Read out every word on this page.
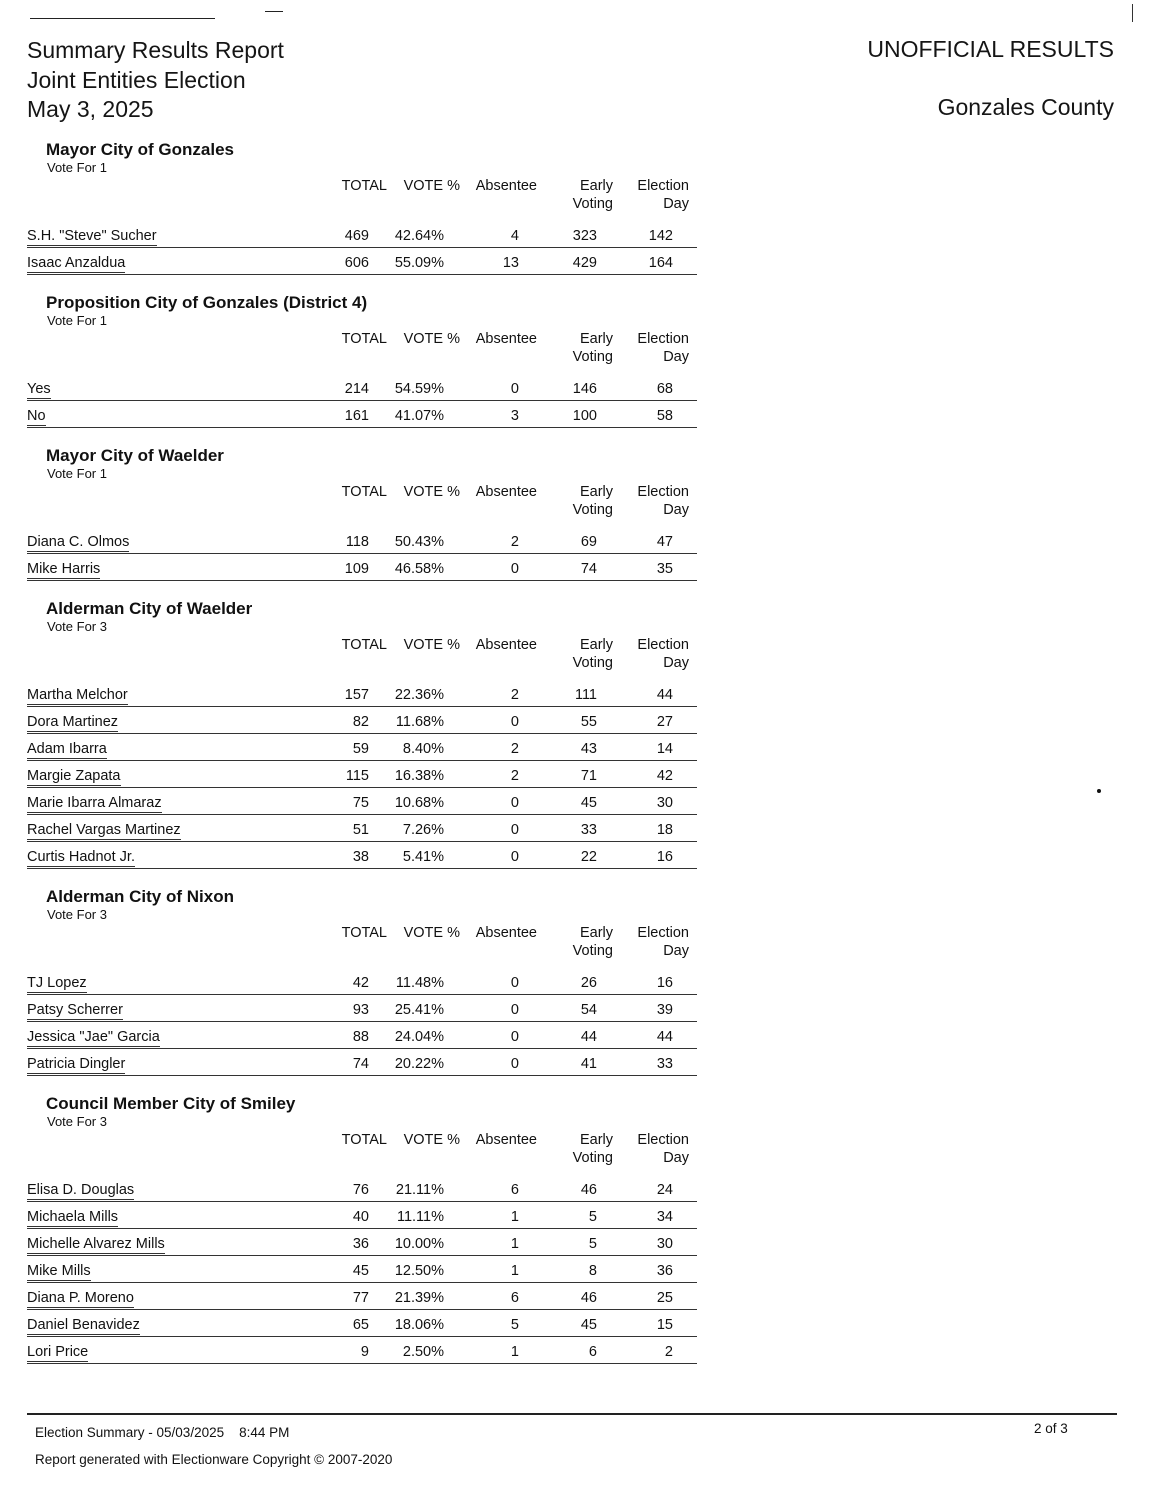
Summary Results Report
Joint Entities Election
May 3, 2025
UNOFFICIAL RESULTS
Gonzales County
Mayor City of Gonzales
Vote For 1
TOTAL VOTE % Absentee	Early
Voting
Election
Day
S.H. "Steve" Sucher	469 42.64%	4	323	142
Isaac Anzaldua	606 55.09%	13	429	164
Proposition City of Gonzales (District 4)
Vote For 1
TOTAL VOTE % Absentee	Early
Voting
Election
Day
Yes	214 54.59%	0	146	68
No	161 41.07%	3	100	58
Mayor City of Waelder
Vote For 1
TOTAL VOTE % Absentee	Early
Voting
Election
Day
Diana C. Olmos	118 50.43%	2	69	47
Mike Harris	109 46.58%	0	74	35
Alderman City of Waelder
Vote For 3
TOTAL VOTE % Absentee	Early
Voting
Election
Day
Martha Melchor	157 22.36%	2	111	44
Dora Martinez	82 11.68%	0	55	27
Adam Ibarra	59 8.40%	2	43	14
Margie Zapata	115 16.38%	2	71	42
Marie Ibarra Almaraz	75 10.68%	0	45	30
Rachel Vargas Martinez	51 7.26%	0	33	18
Curtis Hadnot Jr.	38 5.41%	0	22	16
Alderman City of Nixon
Vote For 3
TOTAL VOTE % Absentee	Early
Voting
Election
Day
TJ Lopez	42 11.48%	0	26	16
Patsy Scherrer	93 25.41%	0	54	39
Jessica "Jae" Garcia	88 24.04%	0	44	44
Patricia Dingler	74 20.22%	0	41	33
Council Member City of Smiley
Vote For 3
TOTAL VOTE % Absentee	Early
Voting
Election
Day
Elisa D. Douglas	76 21.11%	6	46	24
Michaela Mills	40 11.11%	1	5	34
Michelle Alvarez Mills	36 10.00%	1	5	30
Mike Mills	45 12.50%	1	8	36
Diana P. Moreno	77 21.39%	6	46	25
Daniel Benavidez	65 18.06%	5	45	15
Lori Price	9 2.50%	1	6	2
Election Summary - 05/03/2025    8:44 PM
Report generated with Electionware Copyright © 2007-2020
2 of 3
